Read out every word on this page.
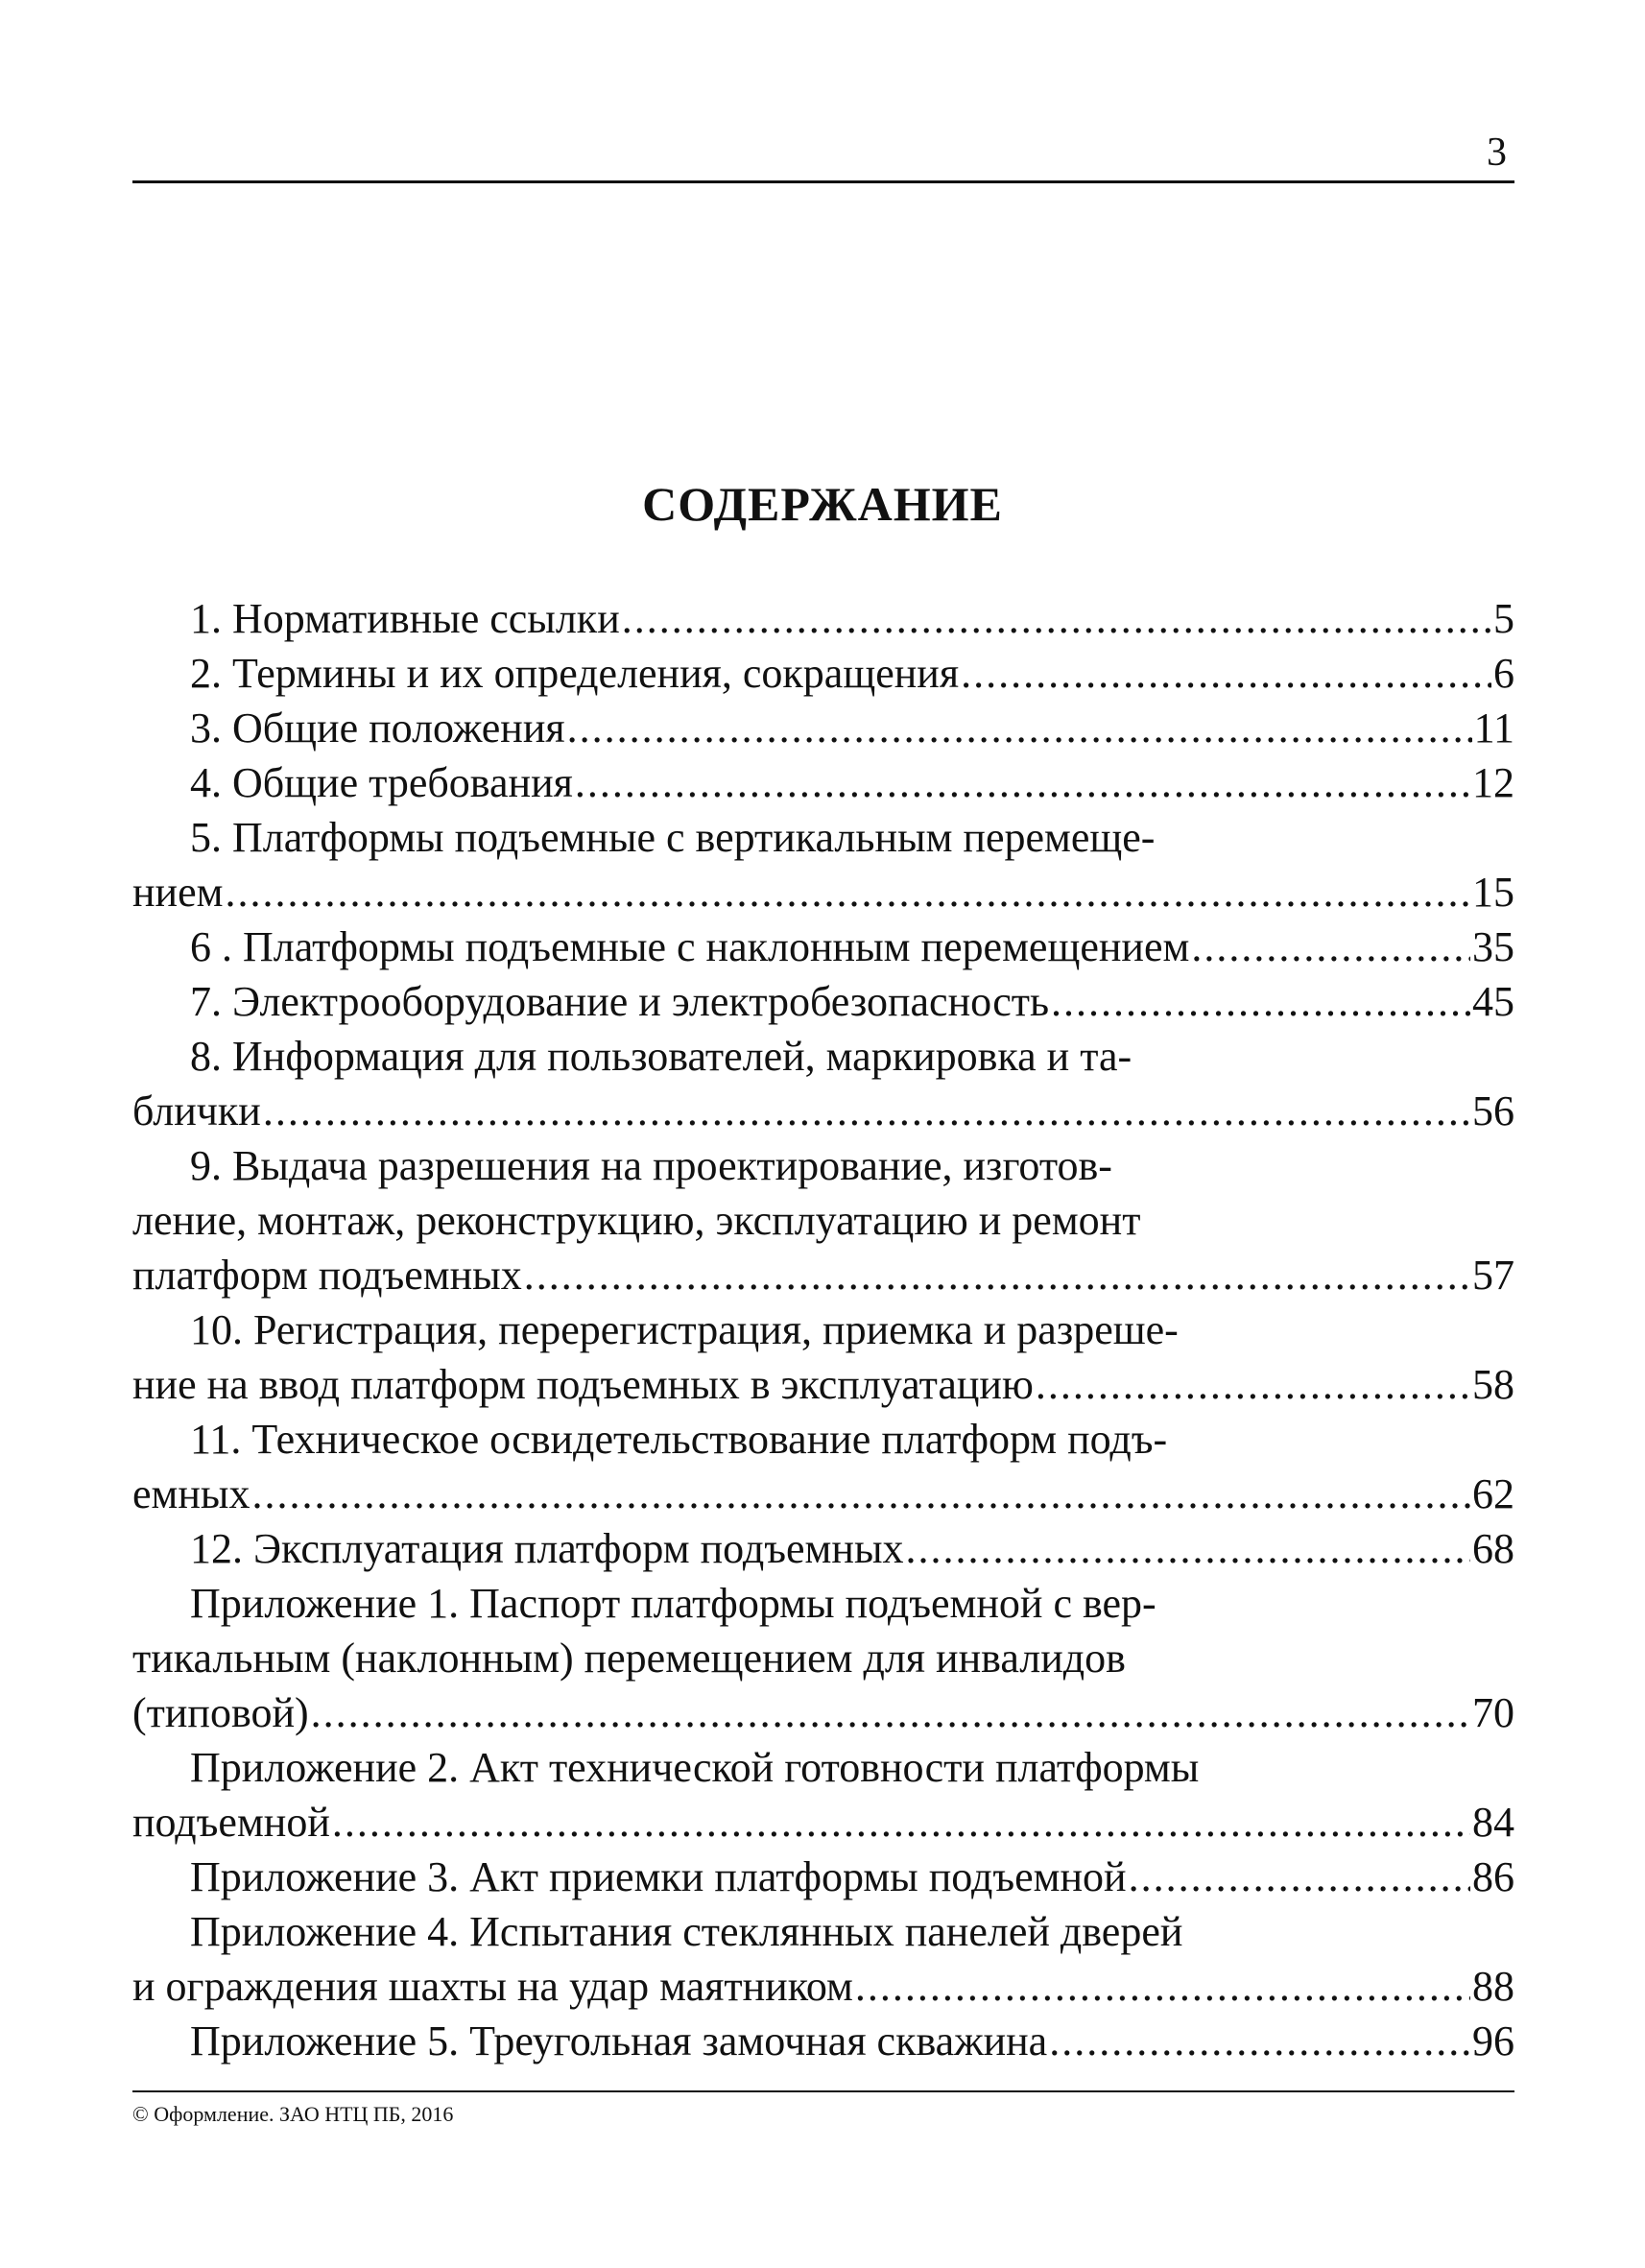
3
СОДЕРЖАНИЕ
1. Нормативные ссылки .....	5
2. Термины и их определения, сокращения .....	6
3. Общие положения .....	11
4. Общие требования .....	12
5. Платформы подъемные с вертикальным перемеще-
нием .....	15
6 . Платформы подъемные с наклонным перемещением .....	35
7. Электрооборудование и электробезопасность .....	45
8. Информация для пользователей, маркировка и та-
блички .....	56
9. Выдача разрешения на проектирование, изготов-
ление, монтаж, реконструкцию, эксплуатацию и ремонт
платформ подъемных .....	57
10. Регистрация, перерегистрация, приемка и разреше-
ние на ввод платформ подъемных в эксплуатацию .....	58
11. Техническое освидетельствование платформ подъ-
емных .....	62
12. Эксплуатация платформ подъемных .....	68
Приложение 1. Паспорт платформы подъемной с вер-
тикальным (наклонным) перемещением для инвалидов
(типовой) .....	70
Приложение 2. Акт технической готовности платформы
подъемной .....	84
Приложение 3. Акт приемки платформы подъемной .....	86
Приложение 4. Испытания стеклянных панелей дверей
и ограждения шахты на удар маятником .....	88
Приложение 5. Треугольная замочная скважина .....	96
© Оформление. ЗАО НТЦ ПБ, 2016
